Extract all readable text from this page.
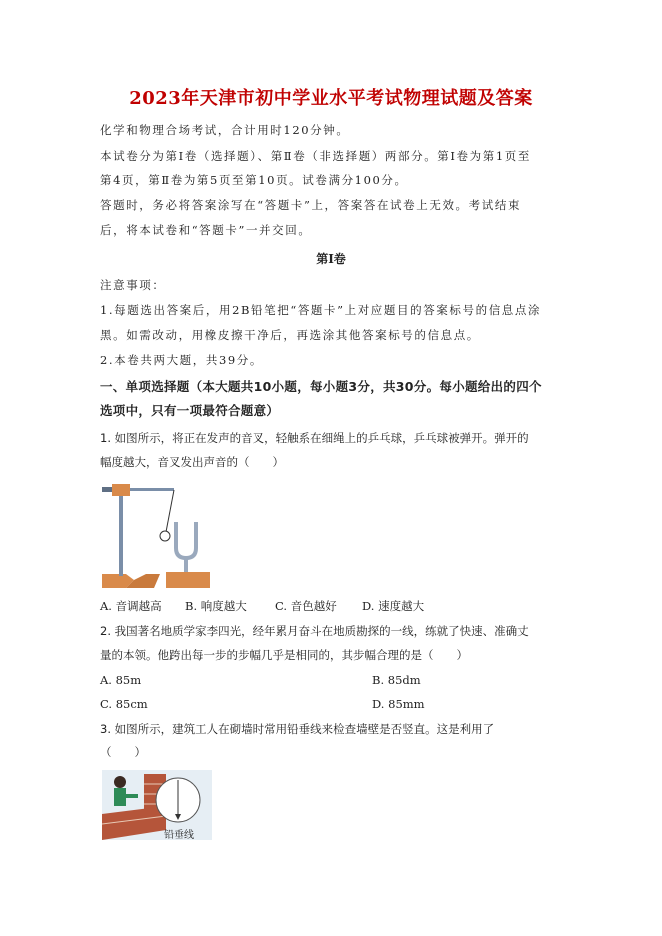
2023年天津市初中学业水平考试物理试题及答案
化学和物理合场考试，合计用时120分钟。
本试卷分为第Ⅰ卷（选择题）、第Ⅱ卷（非选择题）两部分。第Ⅰ卷为第1页至
第4页，第Ⅱ卷为第5页至第10页。试卷满分100分。
答题时，务必将答案涂写在“答题卡”上，答案答在试卷上无效。考试结束
后，将本试卷和“答题卡”一并交回。
第Ⅰ卷
注意事项：
1.每题选出答案后，用2B铅笔把“答题卡”上对应题目的答案标号的信息点涂
黑。如需改动，用橡皮擦干净后，再选涂其他答案标号的信息点。
2.本卷共两大题，共39分。
一、单项选择题（本大题共10小题，每小题3分，共30分。每小题给出的四个
选项中，只有一项最符合题意）
1. 如图所示，将正在发声的音叉，轻触系在细绳上的乒乓球，乒乓球被弹开。弹开的
幅度越大，音叉发出声音的（　　）
A. 音调越高 B. 响度越大 C. 音色越好 D. 速度越大
2. 我国著名地质学家李四光，经年累月奋斗在地质勘探的一线，练就了快速、准确丈
量的本领。他跨出每一步的步幅几乎是相同的，其步幅合理的是（　　）
A. 85m	B. 85dm
C. 85cm	D. 85mm
3. 如图所示，建筑工人在砌墙时常用铅垂线来检查墙壁是否竖直。这是利用了
（　　）
铅垂线
